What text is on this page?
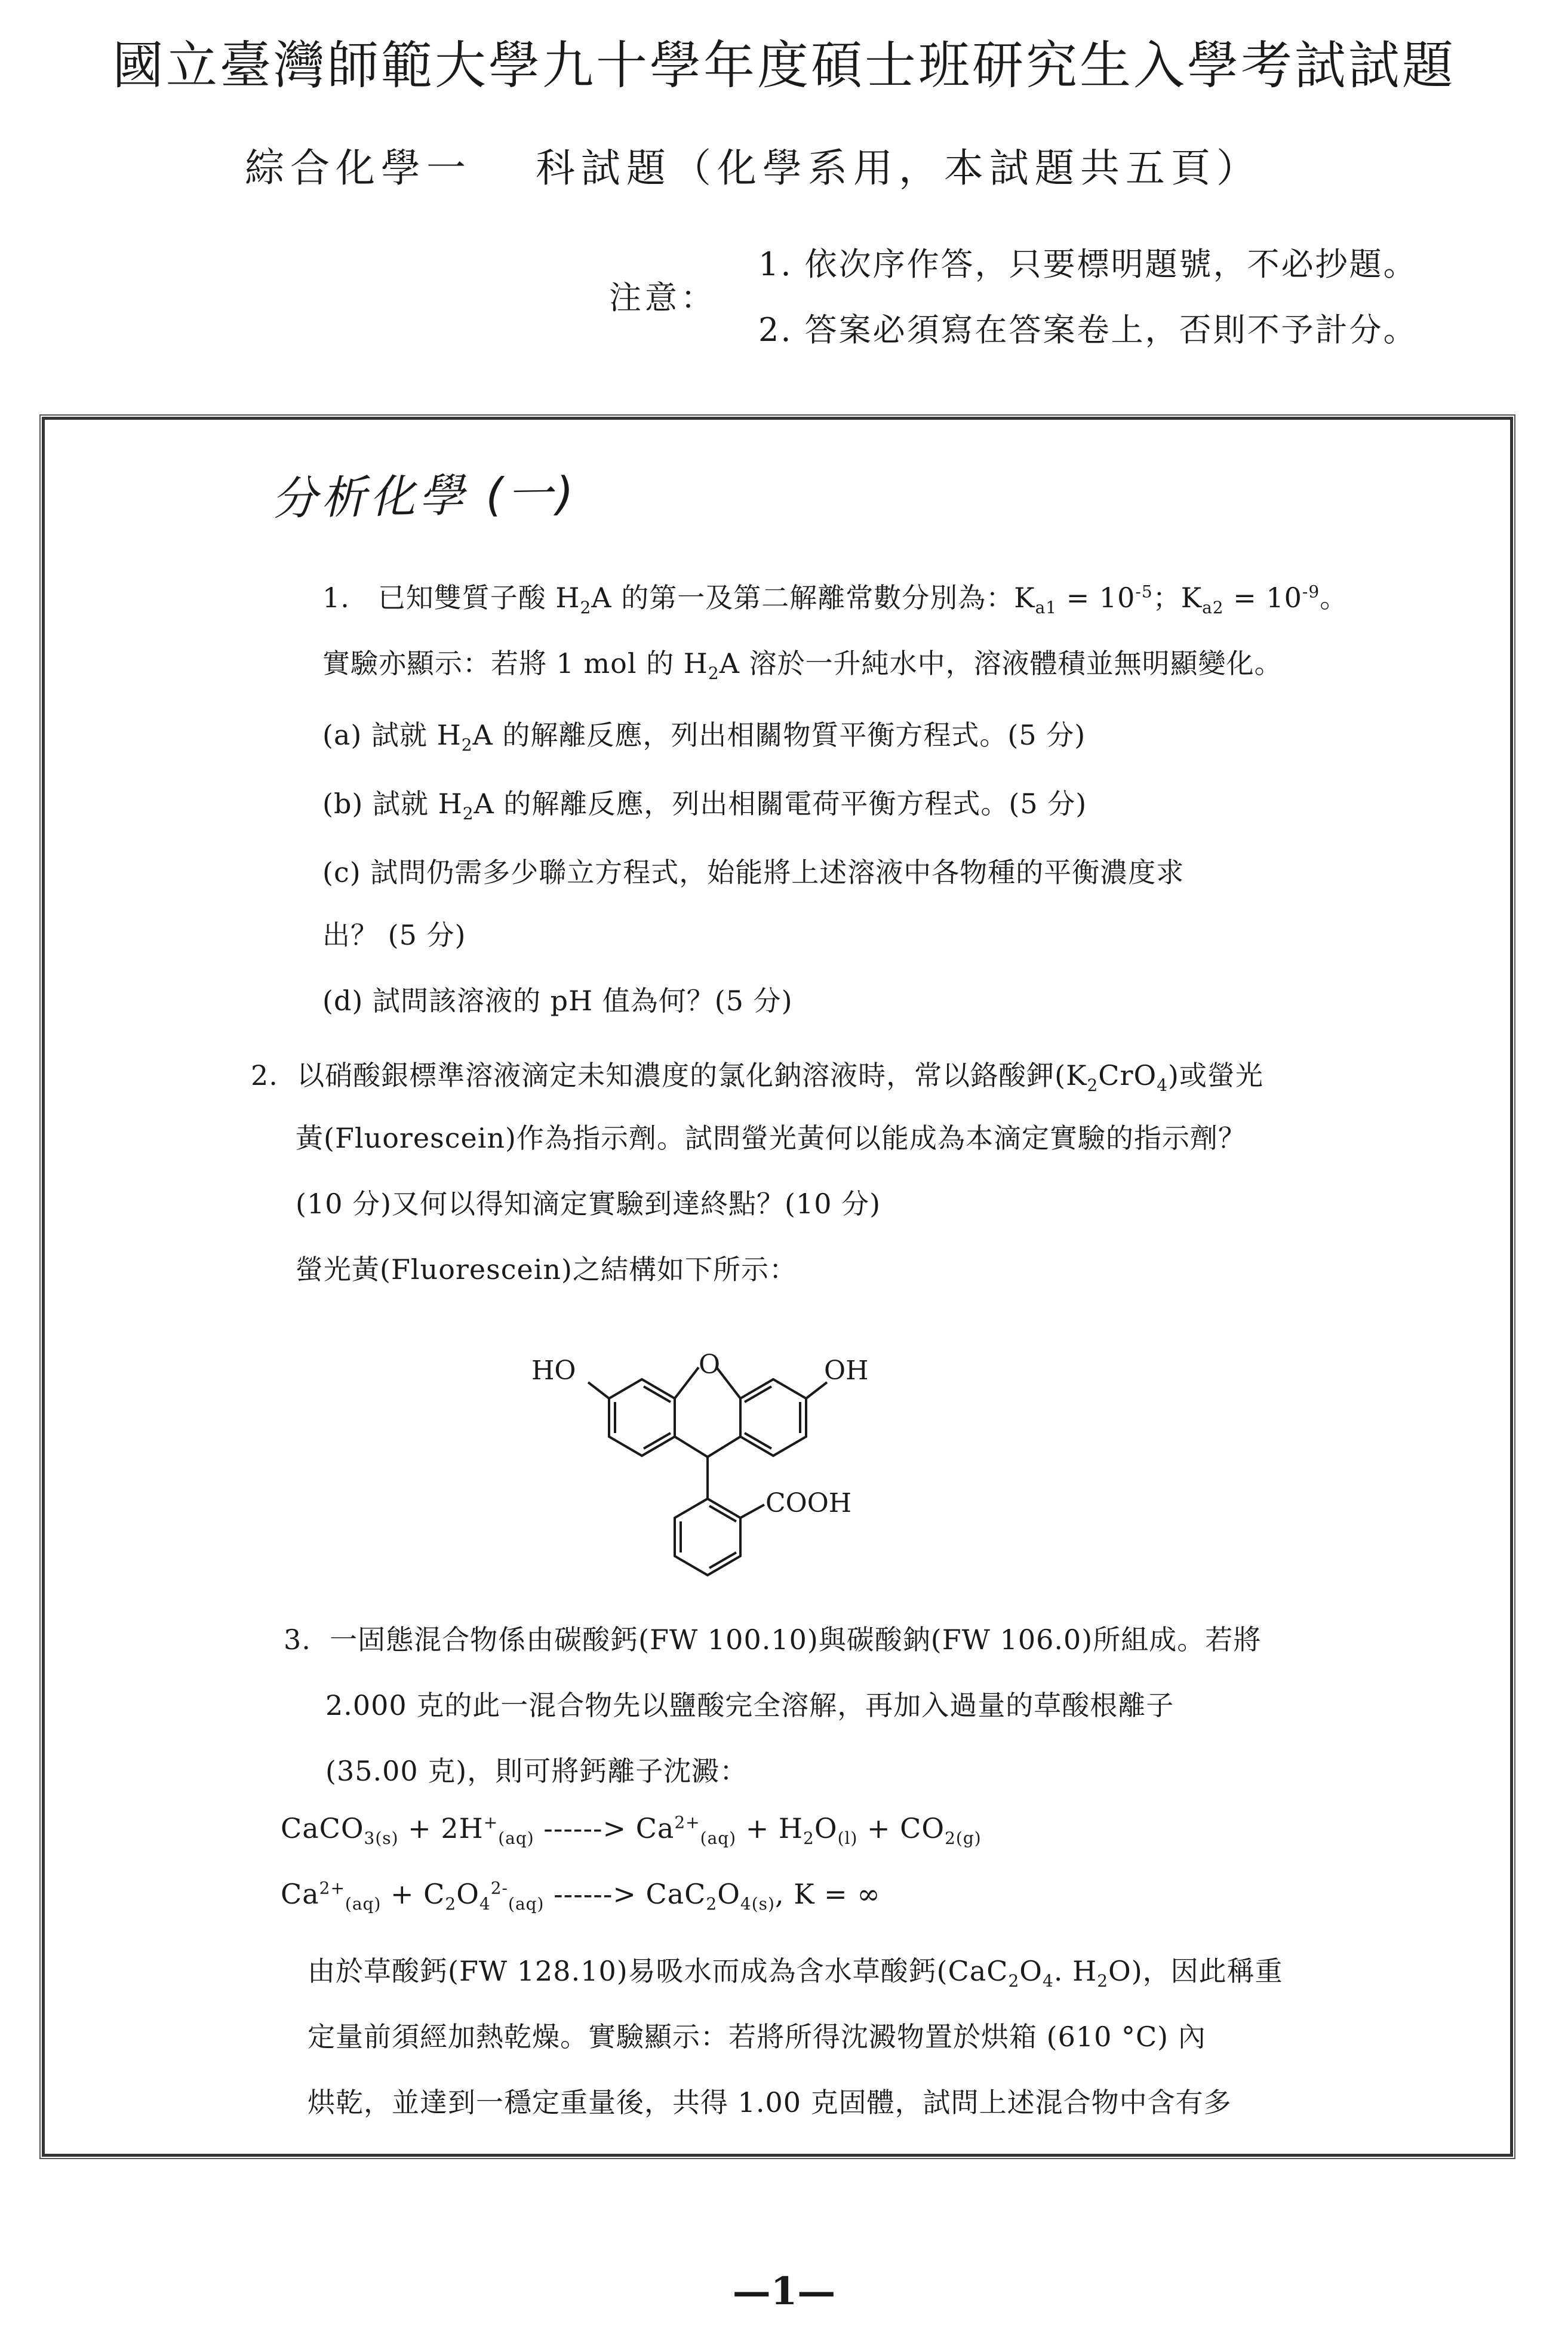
國立臺灣師範大學九十學年度碩士班研究生入學考試試題
綜合化學一　 科試題（化學系用，本試題共五頁）
注意：
1. 依次序作答，只要標明題號，不必抄題。
2. 答案必須寫在答案卷上，否則不予計分。
分析化學 (一)
1. 已知雙質子酸 $H_2A$ 的第一及第二解離常數分別為：$K_{a1} = 10^{-5}$；$K_{a2} = 10^{-9}$。
實驗亦顯示：若將 1 mol 的 $H_2A$ 溶於一升純水中，溶液體積並無明顯變化。
(a) 試就 $H_2A$ 的解離反應，列出相關物質平衡方程式。(5 分)
(b) 試就 $H_2A$ 的解離反應，列出相關電荷平衡方程式。(5 分)
(c) 試問仍需多少聯立方程式，始能將上述溶液中各物種的平衡濃度求
出？ (5 分)
(d) 試問該溶液的 pH 值為何？(5 分)
2. 以硝酸銀標準溶液滴定未知濃度的氯化鈉溶液時，常以鉻酸鉀$(K_2CrO_4)$或螢光
黃(Fluorescein)作為指示劑。試問螢光黃何以能成為本滴定實驗的指示劑？
(10 分)又何以得知滴定實驗到達終點？(10 分)
螢光黃(Fluorescein)之結構如下所示：
HO	OH
O
COOH
3. 一固態混合物係由碳酸鈣(FW 100.10)與碳酸鈉(FW 106.0)所組成。若將
2.000 克的此一混合物先以鹽酸完全溶解，再加入過量的草酸根離子
(35.00 克)，則可將鈣離子沈澱：
CaCO$_{3(s)}$ + $2H^+_{(aq)}$ ------> $Ca^{2+}_{(aq)} + H_2O_{(l)} + CO_{2(g)}$
$Ca^{2+}_{(aq)} + C_2O_4^{2-}_{(aq)}$ ------> $CaC_2O_{4(s)}$, K = ∞
由於草酸鈣(FW 128.10)易吸水而成為含水草酸鈣($CaC_2O_4$. $H_2O$)，因此稱重
定量前須經加熱乾燥。實驗顯示：若將所得沈澱物置於烘箱 (610 °C) 內
烘乾，並達到一穩定重量後，共得 1.00 克固體，試問上述混合物中含有多
—1—
